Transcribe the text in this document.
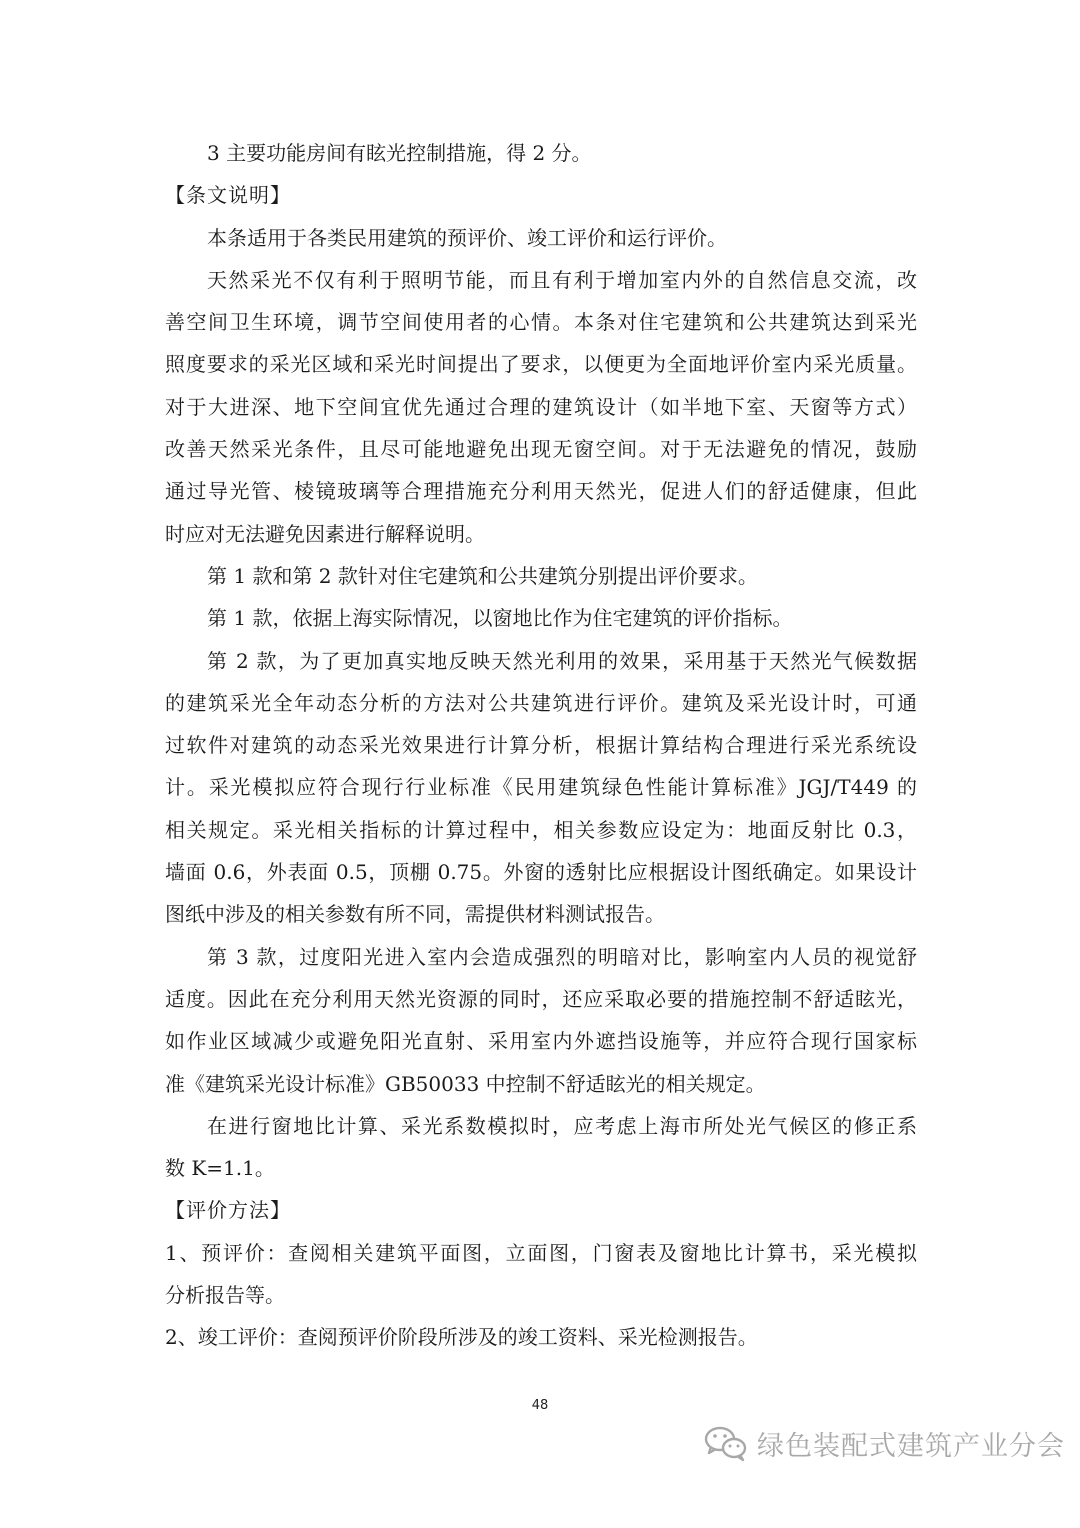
3 主要功能房间有眩光控制措施，得 2 分。
【条文说明】
本条适用于各类民用建筑的预评价、竣工评价和运行评价。
天然采光不仅有利于照明节能，而且有利于增加室内外的自然信息交流，改
善空间卫生环境，调节空间使用者的心情。本条对住宅建筑和公共建筑达到采光
照度要求的采光区域和采光时间提出了要求，以便更为全面地评价室内采光质量。
对于大进深、地下空间宜优先通过合理的建筑设计（如半地下室、天窗等方式）
改善天然采光条件，且尽可能地避免出现无窗空间。对于无法避免的情况，鼓励
通过导光管、棱镜玻璃等合理措施充分利用天然光，促进人们的舒适健康，但此
时应对无法避免因素进行解释说明。
第 1 款和第 2 款针对住宅建筑和公共建筑分别提出评价要求。
第 1 款，依据上海实际情况，以窗地比作为住宅建筑的评价指标。
第 2 款，为了更加真实地反映天然光利用的效果，采用基于天然光气候数据
的建筑采光全年动态分析的方法对公共建筑进行评价。建筑及采光设计时，可通
过软件对建筑的动态采光效果进行计算分析，根据计算结构合理进行采光系统设
计。采光模拟应符合现行行业标准《民用建筑绿色性能计算标准》JGJ/T449 的
相关规定。采光相关指标的计算过程中，相关参数应设定为：地面反射比 0.3，
墙面 0.6，外表面 0.5，顶棚 0.75。外窗的透射比应根据设计图纸确定。如果设计
图纸中涉及的相关参数有所不同，需提供材料测试报告。
第 3 款，过度阳光进入室内会造成强烈的明暗对比，影响室内人员的视觉舒
适度。因此在充分利用天然光资源的同时，还应采取必要的措施控制不舒适眩光，
如作业区域减少或避免阳光直射、采用室内外遮挡设施等，并应符合现行国家标
准《建筑采光设计标准》GB50033 中控制不舒适眩光的相关规定。
在进行窗地比计算、采光系数模拟时，应考虑上海市所处光气候区的修正系
数 K=1.1。
【评价方法】
1、预评价：查阅相关建筑平面图，立面图，门窗表及窗地比计算书，采光模拟
分析报告等。
2、竣工评价：查阅预评价阶段所涉及的竣工资料、采光检测报告。
48
绿色装配式建筑产业分会
